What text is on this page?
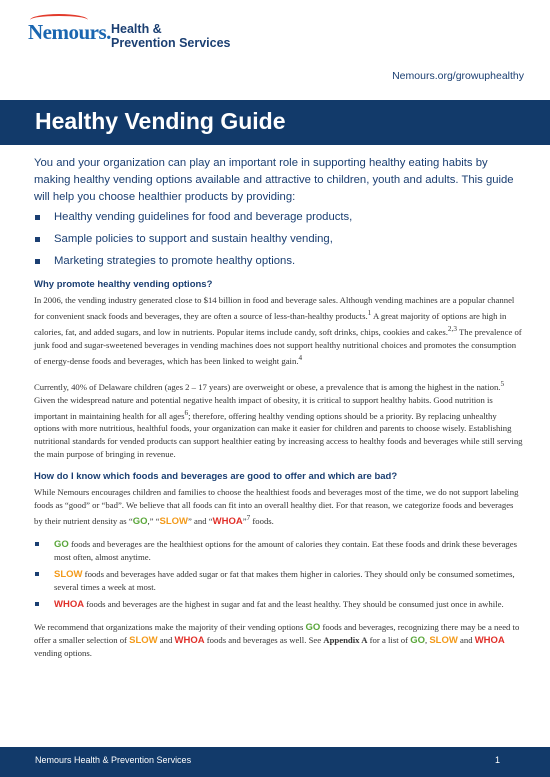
Nemours. Health &
Prevention Services
Nemours.org/growuphealthy
Healthy Vending Guide

You and your organization can play an important role in supporting healthy eating habits by making healthy vending options available and attractive to children, youth and adults. This guide will help you choose healthier products by providing:

Healthy vending guidelines for food and beverage products,
Sample policies to support and sustain healthy vending,
Marketing strategies to promote healthy options.
Why promote healthy vending options?

In 2006, the vending industry generated close to $14 billion in food and beverage sales. Although vending machines are a popular channel for convenient snack foods and beverages, they are often a source of less-than-healthy products.$^1$ A great majority of options are high in calories, fat, and added sugars, and low in nutrients. Popular items include candy, soft drinks, chips, cookies and cakes.$^{2,3}$ The prevalence of junk food and sugar-sweetened beverages in vending machines does not support healthy nutritional choices and promotes the consumption of energy-dense foods and beverages, which has been linked to weight gain.$^4$

Currently, 40% of Delaware children (ages 2 – 17 years) are overweight or obese, a prevalence that is among the highest in the nation.$^5$ Given the widespread nature and potential negative health impact of obesity, it is critical to support healthy habits. Good nutrition is important in maintaining health for all ages$^6$; therefore, offering healthy vending options should be a priority. By replacing unhealthy options with more nutritious, healthful foods, your organization can make it easier for children and parents to choose wisely. Establishing nutritional standards for vended products can support healthier eating by increasing access to healthy foods and beverages while still serving the main purpose of bringing in revenue.

How do I know which foods and beverages are good to offer and which are bad?

While Nemours encourages children and families to choose the healthiest foods and beverages most of the time, we do not support labeling foods as “good” or “bad”. We believe that all foods can fit into an overall healthy diet. For that reason, we categorize foods and beverages by their nutrient density as “GO,” “SLOW” and “WHOA”$^7$ foods.

GO foods and beverages are the healthiest options for the amount of calories they contain. Eat these foods and drink these beverages most often, almost anytime.
SLOW foods and beverages have added sugar or fat that makes them higher in calories. They should only be consumed sometimes, several times a week at most.
WHOA foods and beverages are the highest in sugar and fat and the least healthy. They should be consumed just once in awhile.

We recommend that organizations make the majority of their vending options GO foods and beverages, recognizing there may be a need to offer a smaller selection of SLOW and WHOA foods and beverages as well. See Appendix A for a list of GO, SLOW and WHOA vending options.

Nemours Health & Prevention Services	1
